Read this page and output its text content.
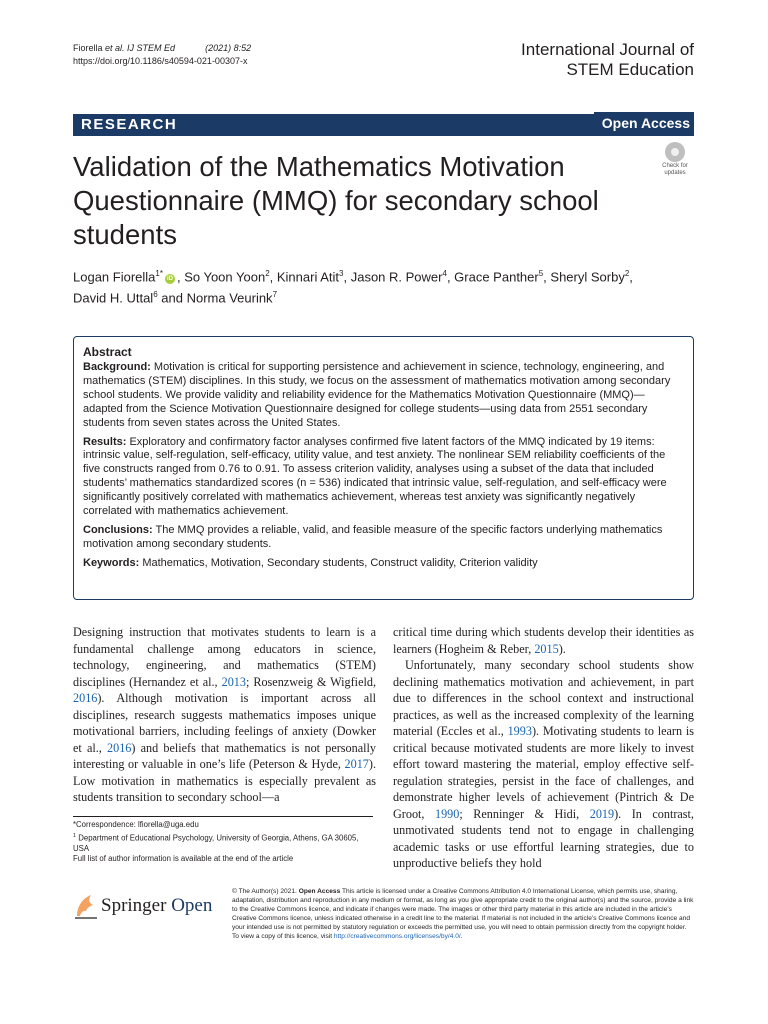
Fiorella et al. IJ STEM Ed	(2021) 8:52
https://doi.org/10.1186/s40594-021-00307-x
International Journal of
STEM Education
RESEARCH	Open Access
Validation of the Mathematics Motivation Questionnaire (MMQ) for secondary school students
Check for
updates
Logan Fiorella$^{1*}$iD , So Yoon Yoon$^2$, Kinnari Atit$^3$, Jason R. Power$^4$, Grace Panther$^5$, Sheryl Sorby$^2$,
David H. Uttal$^6$ and Norma Veurink$^7$
Abstract

Background: Motivation is critical for supporting persistence and achievement in science, technology, engineering, and mathematics (STEM) disciplines. In this study, we focus on the assessment of mathematics motivation among secondary school students. We provide validity and reliability evidence for the Mathematics Motivation Questionnaire (MMQ)—adapted from the Science Motivation Questionnaire designed for college students—using data from 2551 secondary students from seven states across the United States.

Results: Exploratory and confirmatory factor analyses confirmed five latent factors of the MMQ indicated by 19 items: intrinsic value, self-regulation, self-efficacy, utility value, and test anxiety. The nonlinear SEM reliability coefficients of the five constructs ranged from 0.76 to 0.91. To assess criterion validity, analyses using a subset of the data that included students’ mathematics standardized scores (n = 536) indicated that intrinsic value, self-regulation, and self-efficacy were significantly positively correlated with mathematics achievement, whereas test anxiety was significantly negatively correlated with mathematics achievement.

Conclusions: The MMQ provides a reliable, valid, and feasible measure of the specific factors underlying mathematics motivation among secondary students.

Keywords: Mathematics, Motivation, Secondary students, Construct validity, Criterion validity

Designing instruction that motivates students to learn is a fundamental challenge among educators in science, technology, engineering, and mathematics (STEM) disciplines (Hernandez et al., 2013; Rosenzweig & Wigfield, 2016). Although motivation is important across all disciplines, research suggests mathematics imposes unique motivational barriers, including feelings of anxiety (Dowker et al., 2016) and beliefs that mathematics is not personally interesting or valuable in one’s life (Peterson & Hyde, 2017). Low motivation in mathematics is especially prevalent as students transition to secondary school—a

*Correspondence: lfiorella@uga.edu
$^1$ Department of Educational Psychology, University of Georgia, Athens, GA 30605, USA
Full list of author information is available at the end of the article

critical time during which students develop their identities as learners (Hogheim & Reber, 2015).

Unfortunately, many secondary school students show declining mathematics motivation and achievement, in part due to differences in the school context and instructional practices, as well as the increased complexity of the learning material (Eccles et al., 1993). Motivating students to learn is critical because motivated students are more likely to invest effort toward mastering the material, employ effective self-regulation strategies, persist in the face of challenges, and demonstrate higher levels of achievement (Pintrich & De Groot, 1990; Renninger & Hidi, 2019). In contrast, unmotivated students tend not to engage in challenging academic tasks or use effortful learning strategies, due to unproductive beliefs they hold

Springer Open
© The Author(s) 2021. Open Access This article is licensed under a Creative Commons Attribution 4.0 International License, which permits use, sharing, adaptation, distribution and reproduction in any medium or format, as long as you give appropriate credit to the original author(s) and the source, provide a link to the Creative Commons licence, and indicate if changes were made. The images or other third party material in this article are included in the article’s Creative Commons licence, unless indicated otherwise in a credit line to the material. If material is not included in the article’s Creative Commons licence and your intended use is not permitted by statutory regulation or exceeds the permitted use, you will need to obtain permission directly from the copyright holder. To view a copy of this licence, visit http://creativecommons.org/licenses/by/4.0/.
